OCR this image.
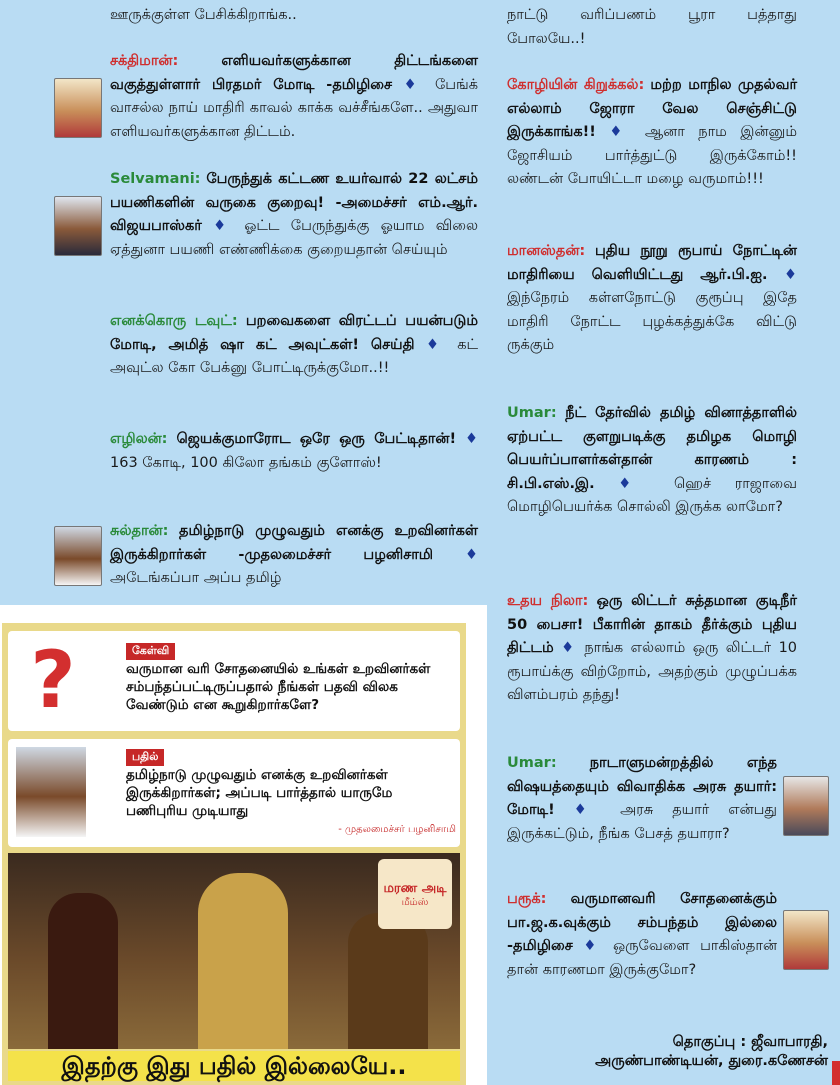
ஊருக்குள்ள பேசிக்கிறாங்க..
சக்திமான்:	எளியவர்களுக்கான திட்டங்களை வகுத்துள்ளார் பிரதமர் மோடி -தமிழிசை ♦ பேங்க் வாசல்ல நாய் மாதிரி காவல் காக்க வச்சீங்களே.. அதுவா எளியவர்களுக்கான திட்டம்.
Selvamani: பேருந்துக் கட்டண உயர்வால் 22 லட்சம் பயணிகளின் வருகை குறைவு! -அமைச்சர் எம்.ஆர். விஜயபாஸ்கர் ♦ ஓட்ட பேருந்துக்கு ஓயாம விலை ஏத்துனா பயணி எண்ணிக்கை குறையதான் செய்யும்
எனக்கொரு டவுட்: பறவைகளை விரட்டப் பயன்படும் மோடி, அமித் ஷா கட் அவுட்கள்! செய்தி ♦ கட் அவுட்ல கோ பேக்னு போட்டிருக்குமோ..!!
எழிலன்: ஜெயக்குமாரோட ஒரே ஒரு பேட்டிதான்! ♦ 163 கோடி, 100 கிலோ தங்கம் குளோஸ்!
சுல்தான்: தமிழ்நாடு முழுவதும் எனக்கு உறவினர்கள் இருக்கிறார்கள் -முதலமைச்சர் பழனிசாமி ♦ அடேங்கப்பா அப்ப தமிழ்
?	கேள்வி
வருமான வரி சோதனையில் உங்கள் உறவினர்கள் சம்பந்தப்பட்டிருப்பதால் நீங்கள் பதவி விலக வேண்டும் என கூறுகிறார்களே?
பதில்
தமிழ்நாடு முழுவதும் எனக்கு உறவினர்கள் இருக்கிறார்கள்; அப்படி பார்த்தால் யாருமே பணிபுரிய முடியாது
- முதலமைச்சர் பழனிசாமி
மரண அடி
மீம்ஸ்
இதற்கு இது பதில் இல்லையே..
நாட்டு வரிப்பணம் பூரா பத்தாது போலயே..!
கோழியின் கிறுக்கல்: மற்ற மாநில முதல்வர் எல்லாம் ஜோரா வேல செஞ்சிட்டு இருக்காங்க!! ♦ ஆனா நாம இன்னும் ஜோசியம் பார்த்துட்டு இருக்கோம்!! லண்டன் போயிட்டா மழை வருமாம்!!!
மானஸ்தன்: புதிய நூறு ரூபாய் நோட்டின் மாதிரியை வெளியிட்டது ஆர்.பி.ஐ. ♦ இந்நேரம் கள்ளநோட்டு குரூப்பு இதே மாதிரி நோட்ட புழக்கத்துக்கே விட்டு ருக்கும்
Umar: நீட் தேர்வில் தமிழ் வினாத்தாளில் ஏற்பட்ட குளறுபடிக்கு தமிழக மொழி பெயர்ப்பாளர்கள்தான் காரணம் : சி.பி.எஸ்.இ. ♦ ஹெச் ராஜாவை மொழிபெயர்க்க சொல்லி இருக்க லாமோ?
உதய நிலா: ஒரு லிட்டர் சுத்தமான குடிநீர் 50 பைசா! பீகாரின் தாகம் தீர்க்கும் புதிய திட்டம் ♦ நாங்க எல்லாம் ஒரு லிட்டர் 10 ரூபாய்க்கு விற்றோம், அதற்கும் முழுப்பக்க விளம்பரம் தந்து!
Umar: நாடாளுமன்றத்தில் எந்த விஷயத்தையும் விவாதிக்க அரசு தயார்: மோடி! ♦ அரசு தயார் என்பது இருக்கட்டும், நீங்க பேசத் தயாரா?
பரூக்: வருமானவரி சோதனைக்கும் பா.ஜ.க.வுக்கும் சம்பந்தம் இல்லை -தமிழிசை ♦ ஒருவேளை பாகிஸ்தான் தான் காரணமா இருக்குமோ?
தொகுப்பு : ஜீவாபாரதி,
அருண்பாண்டியன், துரை.கணேசன்
